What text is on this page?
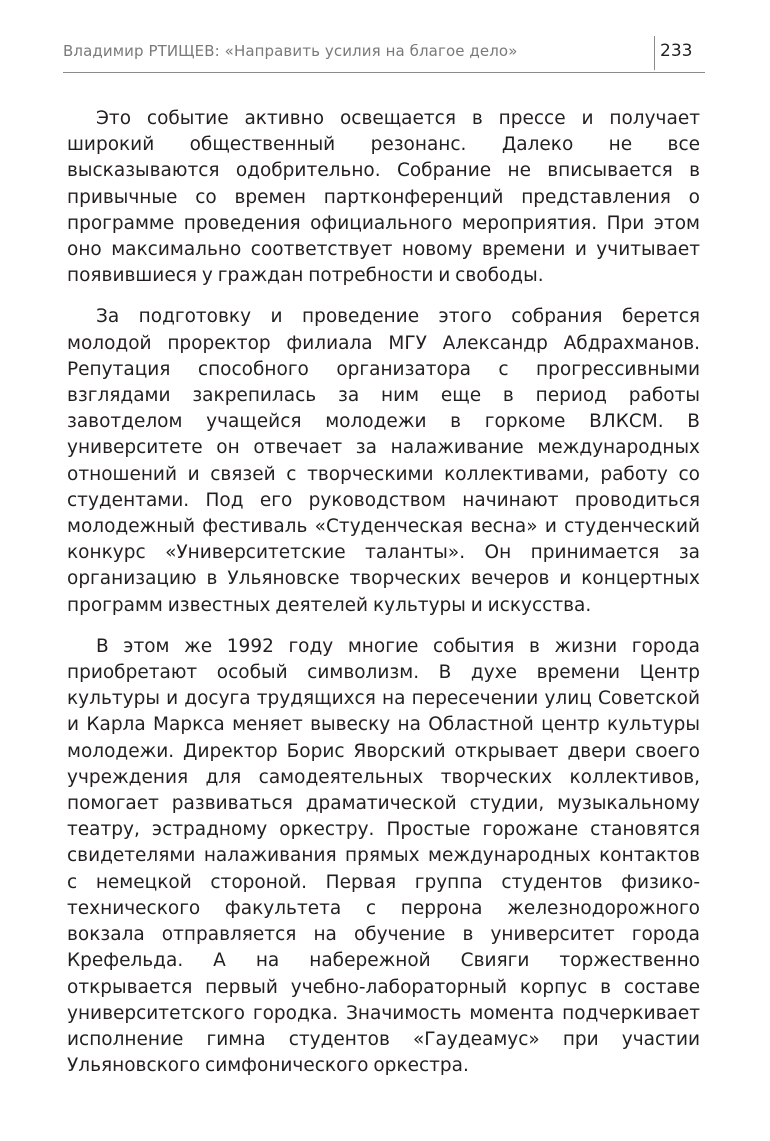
Владимир РТИЩЕВ: «Направить усилия на благое дело»	233

Это событие активно освещается в прессе и получает широкий общественный резонанс. Далеко не все высказываются одобрительно. Собрание не вписывается в привычные со времен партконференций представления о программе проведения официального мероприятия. При этом оно максимально соответствует новому времени и учитывает появившиеся у граждан потребности и свободы.

За подготовку и проведение этого собрания берется молодой проректор филиала МГУ Александр Абдрахманов. Репутация способного организатора с прогрессивными взглядами закрепилась за ним еще в период работы завотделом учащейся молодежи в горкоме ВЛКСМ. В университете он отвечает за налаживание международных отношений и связей с творческими коллективами, работу со студентами. Под его руководством начинают проводиться молодежный фестиваль «Студенческая весна» и студенческий конкурс «Университетские таланты». Он принимается за организацию в Ульяновске творческих вечеров и концертных программ известных деятелей культуры и искусства.

В этом же 1992 году многие события в жизни города приобретают особый символизм. В духе времени Центр культуры и досуга трудящихся на пересечении улиц Советской и Карла Маркса меняет вывеску на Областной центр культуры молодежи. Директор Борис Яворский открывает двери своего учреждения для самодеятельных творческих коллективов, помогает развиваться драматической студии, музыкальному театру, эстрадному оркестру. Простые горожане становятся свидетелями налаживания прямых международных контактов с немецкой стороной. Первая группа студентов физико-технического факультета с перрона железнодорожного вокзала отправляется на обучение в университет города Крефельда. А на набережной Свияги торжественно открывается первый учебно-лабораторный корпус в составе университетского городка. Значимость момента подчеркивает исполнение гимна студентов «Гаудеамус» при участии Ульяновского симфонического оркестра.
